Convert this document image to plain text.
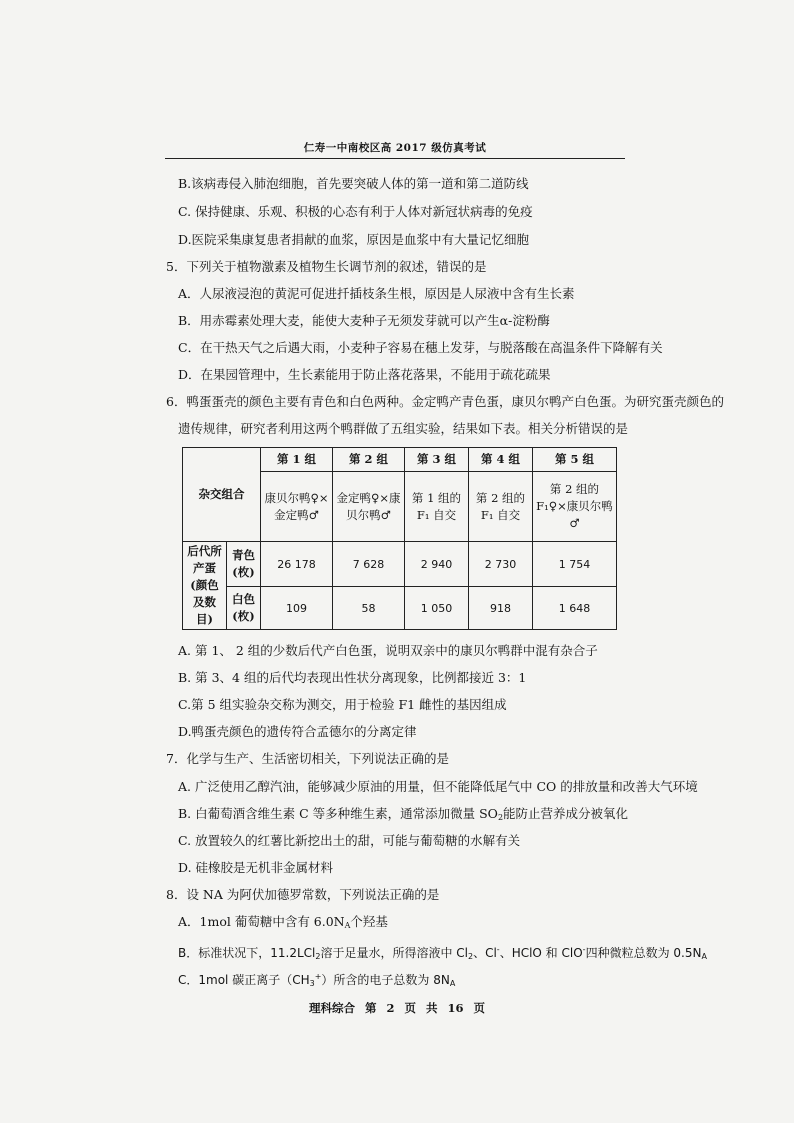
仁寿一中南校区高 2017 级仿真考试
B.该病毒侵入肺泡细胞，首先要突破人体的第一道和第二道防线
C. 保持健康、乐观、积极的心态有利于人体对新冠状病毒的免疫
D.医院采集康复患者捐献的血浆，原因是血浆中有大量记忆细胞
5．下列关于植物激素及植物生长调节剂的叙述，错误的是
A．人尿液浸泡的黄泥可促进扦插枝条生根，原因是人尿液中含有生长素
B．用赤霉素处理大麦，能使大麦种子无须发芽就可以产生α-淀粉酶
C．在干热天气之后遇大雨，小麦种子容易在穗上发芽，与脱落酸在高温条件下降解有关
D．在果园管理中，生长素能用于防止落花落果，不能用于疏花疏果
6．鸭蛋蛋壳的颜色主要有青色和白色两种。金定鸭产青色蛋，康贝尔鸭产白色蛋。为研究蛋壳颜色的
遗传规律，研究者利用这两个鸭群做了五组实验，结果如下表。相关分析错误的是
杂交组合		第 1 组	第 2 组	第 3 组	第 4 组	第 5 组
		康贝尔鸭♀×金定鸭♂	金定鸭♀×康贝尔鸭♂	第 1 组的 F₁ 自交	第 2 组的 F₁ 自交	第 2 组的 F₁♀×康贝尔鸭♂
后代所产蛋(颜色及数目)	青色(枚)	26 178	7 628	2 940	2 730	1 754
	白色(枚)	109	58	1 050	918	1 648
A. 第 1、 2 组的少数后代产白色蛋，说明双亲中的康贝尔鸭群中混有杂合子
B. 第 3、4 组的后代均表现出性状分离现象，比例都接近 3：1
C.第 5 组实验杂交称为测交，用于检验 F1 雌性的基因组成
D.鸭蛋壳颜色的遗传符合孟德尔的分离定律
7．化学与生产、生活密切相关，下列说法正确的是
A. 广泛使用乙醇汽油，能够减少原油的用量，但不能降低尾气中 CO 的排放量和改善大气环境
B. 白葡萄酒含维生素 C 等多种维生素，通常添加微量 $SO_2$能防止营养成分被氧化
C. 放置较久的红薯比新挖出土的甜，可能与葡萄糖的水解有关
D. 硅橡胶是无机非金属材料
8．设 NA 为阿伏加德罗常数，下列说法正确的是
A．1mol 葡萄糖中含有 $6.0N_A$个羟基
B．标准状况下，11.2LCl$_2$溶于足量水，所得溶液中 $Cl_2$、Cl-、HClO 和 ClO-四种微粒总数为 $0.5N_A$
C．1mol 碳正离子$(CH_3^+)$所含的电子总数为 $8N_A$
理科综合 第 2 页 共 16 页
